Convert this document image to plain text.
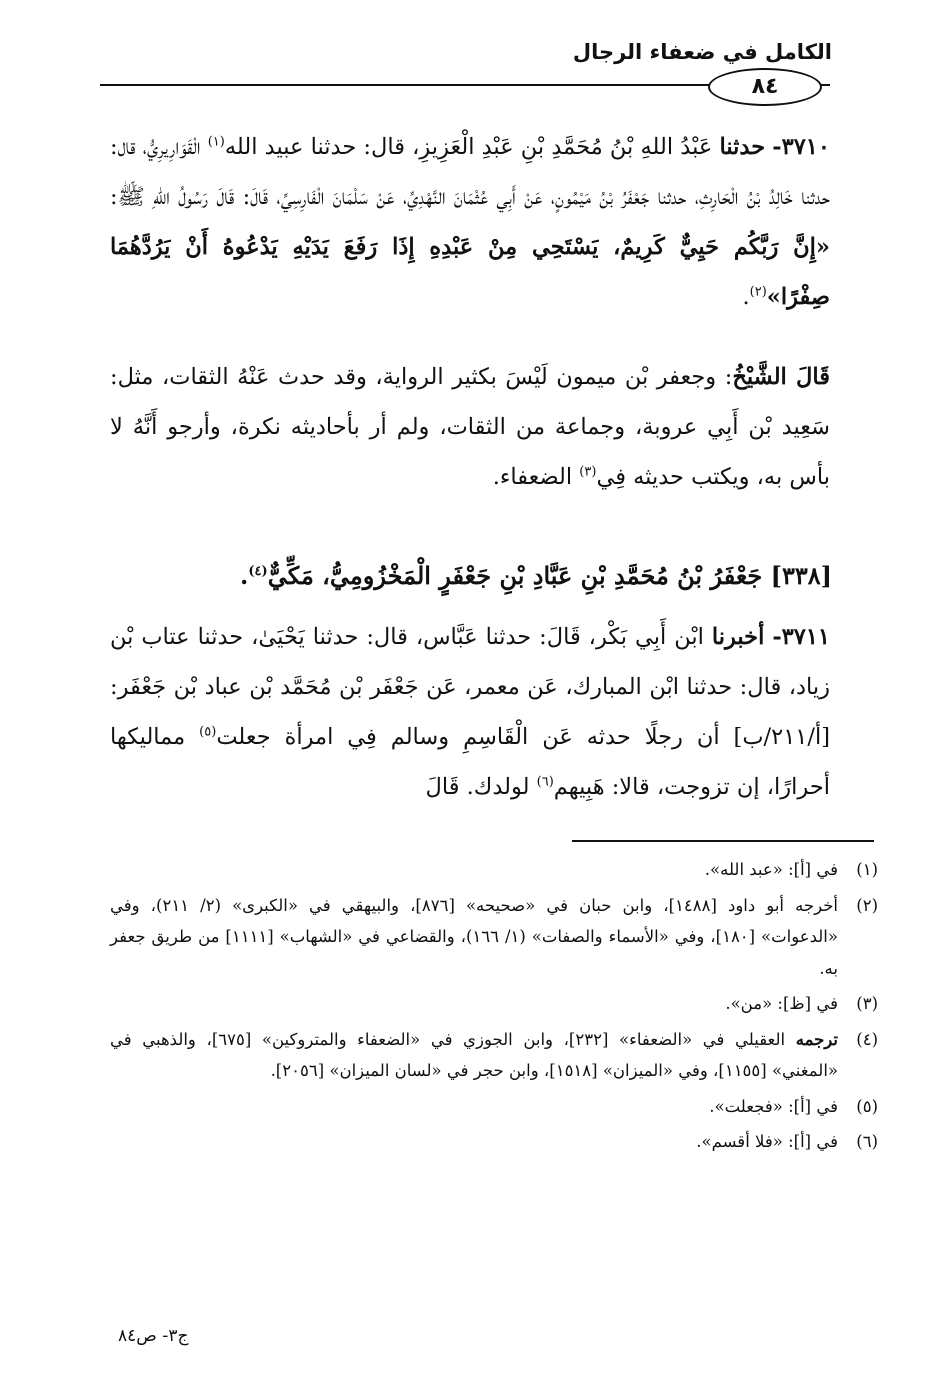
الكامل في ضعفاء الرجال
٨٤
٣٧١٠- حدثنا عَبْدُ اللهِ بْنُ مُحَمَّدِ بْنِ عَبْدِ الْعَزِيزِ، قال: حدثنا عبيد الله$^{(١)}$ الْقَوَارِيرِيُّ، قال: حدثنا خَالِدُ بْنُ الْحَارِثِ، حدثنا جَعْفَرُ بْنُ مَيْمُونٍ، عَنْ أَبِي عُثْمَانَ النَّهْدِيِّ، عَنْ سَلْمَانَ الْفَارِسِيِّ، قَالَ: قَالَ رَسُولُ اللهِ ﷺ: «إِنَّ رَبَّكُم حَيِيٌّ كَرِيمٌ، يَسْتَحِي مِنْ عَبْدِهِ إِذَا رَفَعَ يَدَيْهِ يَدْعُوهُ أَنْ يَرُدَّهُمَا صِفْرًا»$^{(٢)}$.
قَالَ الشَّيْخُ: وجعفر بْن ميمون لَيْسَ بكثير الرواية، وقد حدث عَنْهُ الثقات، مثل: سَعِيد بْن أَبِي عروبة، وجماعة من الثقات، ولم أر بأحاديثه نكرة، وأرجو أَنَّهُ لا بأس به، ويكتب حديثه فِي$^{(٣)}$ الضعفاء.
[٣٣٨] جَعْفَرُ بْنُ مُحَمَّدِ بْنِ عَبَّادِ بْنِ جَعْفَرٍ الْمَخْزُومِيُّ، مَكِّيٌّ$^{(٤)}$.
٣٧١١- أخبرنا ابْن أَبِي بَكْر، قَالَ: حدثنا عَبَّاس، قال: حدثنا يَحْيَىٰ، حدثنا عتاب بْن زياد، قال: حدثنا ابْن المبارك، عَن معمر، عَن جَعْفَر بْن مُحَمَّد بْن عباد بْن جَعْفَر: [أ/٢١١/ب] أن رجلًا حدثه عَن الْقَاسِمِ وسالم فِي امرأة جعلت$^{(٥)}$ مماليكها أحرارًا، إن تزوجت، قالا: هَبِيهم$^{(٦)}$ لولدك. قَالَ
(١)
في [أ]: «عبد الله».
(٢)
أخرجه أبو داود [١٤٨٨]، وابن حبان في «صحيحه» [٨٧٦]، والبيهقي في «الكبرى» (٢/ ٢١١)، وفي «الدعوات» [١٨٠]، وفي «الأسماء والصفات» (١/ ١٦٦)، والقضاعي في «الشهاب» [١١١١] من طريق جعفر به.
(٣)
في [ظ]: «من».
(٤)
ترجمه العقيلي في «الضعفاء» [٢٣٢]، وابن الجوزي في «الضعفاء والمتروكين» [٦٧٥]، والذهبي في «المغني» [١١٥٥]، وفي «الميزان» [١٥١٨]، وابن حجر في «لسان الميزان» [٢٠٥٦].
(٥)
في [أ]: «فجعلت».
(٦)
في [أ]: «فلا أقسم».
ج٣- ص٨٤
